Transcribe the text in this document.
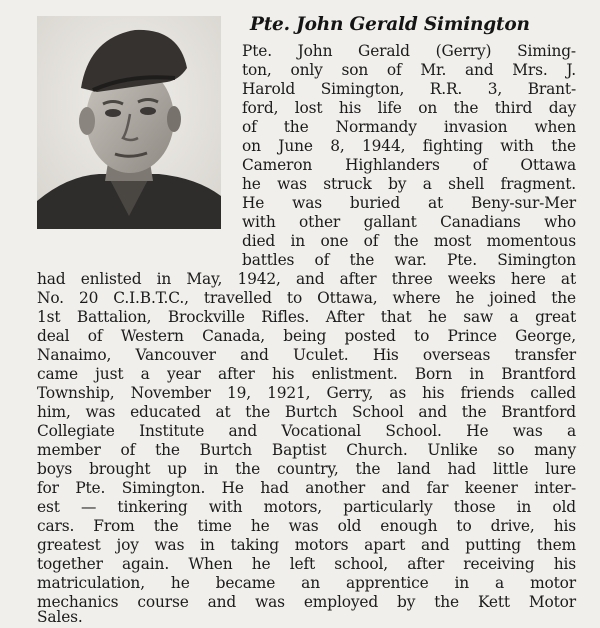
Pte. John Gerald Simington
Pte. John Gerald (Gerry) Siming-
ton, only son of Mr. and Mrs. J.
Harold Simington, R.R. 3, Brant-
ford, lost his life on the third day
of the Normandy invasion when
on June 8, 1944, fighting with the
Cameron Highlanders of Ottawa
he was struck by a shell fragment.
He was buried at Beny-sur-Mer
with other gallant Canadians who
died in one of the most momentous
battles of the war. Pte. Simington
had enlisted in May, 1942, and after three weeks here at
No. 20 C.I.B.T.C., travelled to Ottawa, where he joined the
1st Battalion, Brockville Rifles. After that he saw a great
deal of Western Canada, being posted to Prince George,
Nanaimo, Vancouver and Uculet. His overseas transfer
came just a year after his enlistment. Born in Brantford
Township, November 19, 1921, Gerry, as his friends called
him, was educated at the Burtch School and the Brantford
Collegiate Institute and Vocational School. He was a
member of the Burtch Baptist Church. Unlike so many
boys brought up in the country, the land had little lure
for Pte. Simington. He had another and far keener inter-
est — tinkering with motors, particularly those in old
cars. From the time he was old enough to drive, his
greatest joy was in taking motors apart and putting them
together again. When he left school, after receiving his
matriculation, he became an apprentice in a motor
mechanics course and was employed by the Kett Motor
Sales.
